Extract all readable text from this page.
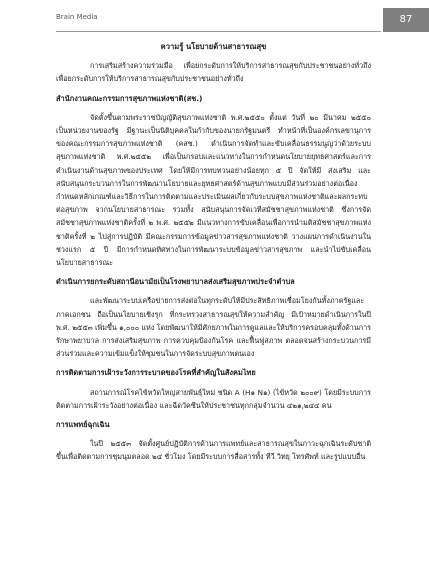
Brain Media	87
ความรู้ นโยบายด้านสาธารณสุข
การเสริมสร้างความร่วมมือ เพื่อยกระดับการให้บริการสาธารณสุขกับประชาชนอย่างทั่วถึงเพื่อยกระดับการให้บริการสาธารณสุขกับประชาชนอย่างทั่วถึง
สำนักงานคณะกรรมการสุขภาพแห่งชาติ(สช.)
จัดตั้งขึ้นตามพระราชบัญญัติสุขภาพแห่งชาติ พ.ศ.๒๕๕๐ ตั้งแต่ วันที่ ๒๐ มีนาคม ๒๕๕๐ เป็นหน่วยงานของรัฐ มีฐานะเป็นนิติบุคคลในกำกับของนายกรัฐมนตรี ทำหน้าที่เป็นองค์กรเลขานุการของคณะกรรมการสุขภาพแห่งชาติ (คสช.) ดำเนินการจัดทำและขับเคลื่อนธรรมนูญว่าด้วยระบบสุขภาพแห่งชาติ พ.ศ.๒๕๕๒ เพื่อเป็นกรอบและแนวทางในการกำหนดนโยบายยุทธศาสตร์และการดำเนินงานด้านสุขภาพของประเทศ โดยให้มีการทบทวนอย่างน้อยทุก ๕ ปี จัดให้มี ส่งเสริม และสนับสนุนกระบวนการในการพัฒนานโยบายและยุทธศาสตร์ด้านสุขภาพแบบมีส่วนร่วมอย่างต่อเนื่อง กำหนดหลักเกณฑ์และวิธีการในการติดตามและประเมินผลเกี่ยวกับระบบสุขภาพแห่งชาติและผลกระทบต่อสุขภาพ จากนโยบายสาธารณะ รวมทั้ง สนับสนุนการจัดเวทีสมัชชาสุขภาพแห่งชาติ ซึ่งการจัดสมัชชาสุขภาพแห่งชาติครั้งที่ ๒ พ.ศ. ๒๕๕๒ มีแนวทางการขับเคลื่อนเพื่อการนำมติสมัชชาสุขภาพแห่งชาติครั้งที่ ๒ ไปสู่การปฏิบัติ มีคณะกรรมการข้อมูลข่าวสารสุขภาพแห่งชาติ วางแผนการดำเนินงานในช่วงแรก ๕ ปี มีการกำหนดทิศทางในการพัฒนาระบบข้อมูลข่าวสารสุขภาพ และนำไปขับเคลื่อนนโยบายสาธารณะ
ดำเนินการยกระดับสถานีอนามัยเป็นโรงพยาบาลส่งเสริมสุขภาพประจำตำบล
และพัฒนาระบบเครือข่ายการส่งต่อในทุกระดับให้มีประสิทธิภาพเชื่อมโยงกันทั้งภาครัฐและภาคเอกชน ถือเป็นนโยบายเชิงรุก ที่กระทรวงสาธารณสุขให้ความสำคัญ มีเป้าหมายดำเนินการในปี พ.ศ. ๒๕๕๓ เพิ่มขึ้น ๑,๐๐๐ แห่ง โดยพัฒนาให้มีศักยภาพในการดูแลและให้บริการครอบคลุมทั้งด้านการรักษาพยาบาล การส่งเสริมสุขภาพ การควบคุมป้องกันโรค และฟื้นฟูสภาพ ตลอดจนสร้างกระบวนการมีส่วนร่วมและความเข้มแข็งให้ชุมชนในการจัดระบบสุขภาพตนเอง
การติดตามการเฝ้าระวังการระบาดของโรคที่สำคัญในสังคมไทย
สถานการณ์โรคไข้หวัดใหญ่สายพันธุ์ใหม่ ชนิด A (H๑ N๑) (ไข้หวัด ๒๐๐๙) โดยมีระบบการติดตามการเฝ้าระวังอย่างต่อเนื่อง และฉีดวัคซีนให้ประชาชนทุกกลุ่มจำนวน ๔๒๑,๒๔๔ คน
การแพทย์ฉุกเฉิน
ในปี ๒๕๕๓ จัดตั้งศูนย์ปฏิบัติการด้านการแพทย์และสาธารณสุขในภาวะฉุกเฉินระดับชาติ ขึ้นเพื่อติดตามการชุมนุมตลอด ๒๔ ชั่วโมง โดยมีระบบการสื่อสารทั้ง ทีวี วิทยุ โทรศัพท์ และรูปแบบอื่น
